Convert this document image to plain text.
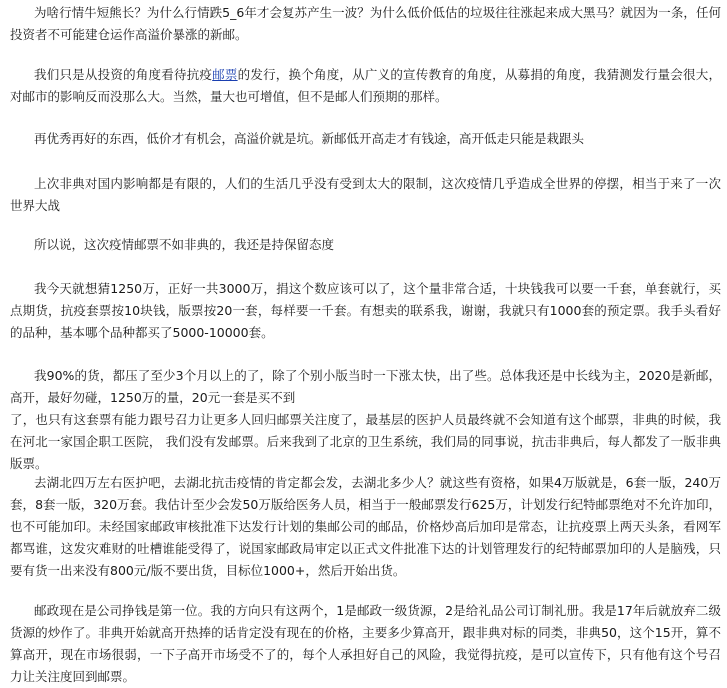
为啥行情牛短熊长？为什么行情跌5_6年才会复苏产生一波？为什么低价低估的垃圾往往涨起来成大黑马？就因为一条，任何投资者不可能建仓运作高溢价暴涨的新邮。

我们只是从投资的角度看待抗疫邮票的发行，换个角度，从广义的宣传教育的角度，从募捐的角度，我猜测发行量会很大，对邮市的影响反而没那么大。当然，量大也可增值，但不是邮人们预期的那样。

再优秀再好的东西，低价才有机会，高溢价就是坑。新邮低开高走才有钱途，高开低走只能是栽跟头

上次非典对国内影响都是有限的，人们的生活几乎没有受到太大的限制，这次疫情几乎造成全世界的停摆，相当于来了一次世界大战

所以说，这次疫情邮票不如非典的，我还是持保留态度

我今天就想猜1250万，正好一共3000万，捐这个数应该可以了，这个量非常合适，十块钱我可以要一千套，单套就行，买点期货，抗疫套票按10块钱，版票按20一套，每样要一千套。有想卖的联系我，谢谢，我就只有1000套的预定票。我手头看好的品种，基本哪个品种都买了5000-10000套。

我90%的货，都压了至少3个月以上的了，除了个别小版当时一下涨太快，出了些。总体我还是中长线为主，2020是新邮，高开，最好勿碰，1250万的量，20元一套是买不到
了，也只有这套票有能力跟号召力让更多人回归邮票关注度了，最基层的医护人员最终就不会知道有这个邮票，非典的时候，我在河北一家国企职工医院， 我们没有发邮票。后来我到了北京的卫生系统，我们局的同事说，抗击非典后，每人都发了一版非典版票。

去湖北四万左右医护吧，去湖北抗击疫情的肯定都会发，去湖北多少人？就这些有资格，如果4万版就是，6套一版，240万套，8套一版，320万套。我估计至少会发50万版给医务人员，相当于一般邮票发行625万，计划发行纪特邮票绝对不允许加印，也不可能加印。未经国家邮政审核批准下达发行计划的集邮公司的邮品，价格炒高后加印是常态，让抗疫票上两天头条，看网军都骂谁，这发灾难财的吐槽谁能受得了，说国家邮政局审定以正式文件批准下达的计划管理发行的纪特邮票加印的人是脑残，只要有货一出来没有800元/版不要出货，目标位1000+，然后开始出货。

邮政现在是公司挣钱是第一位。我的方向只有这两个，1是邮政一级货源，2是给礼品公司订制礼册。我是17年后就放弃二级货源的炒作了。非典开始就高开热捧的话肯定没有现在的价格，主要多少算高开，跟非典对标的同类，非典50，这个15开，算不算高开，现在市场很弱，一下子高开市场受不了的，每个人承担好自己的风险，我觉得抗疫，是可以宣传下，只有他有这个号召力让关注度回到邮票。
